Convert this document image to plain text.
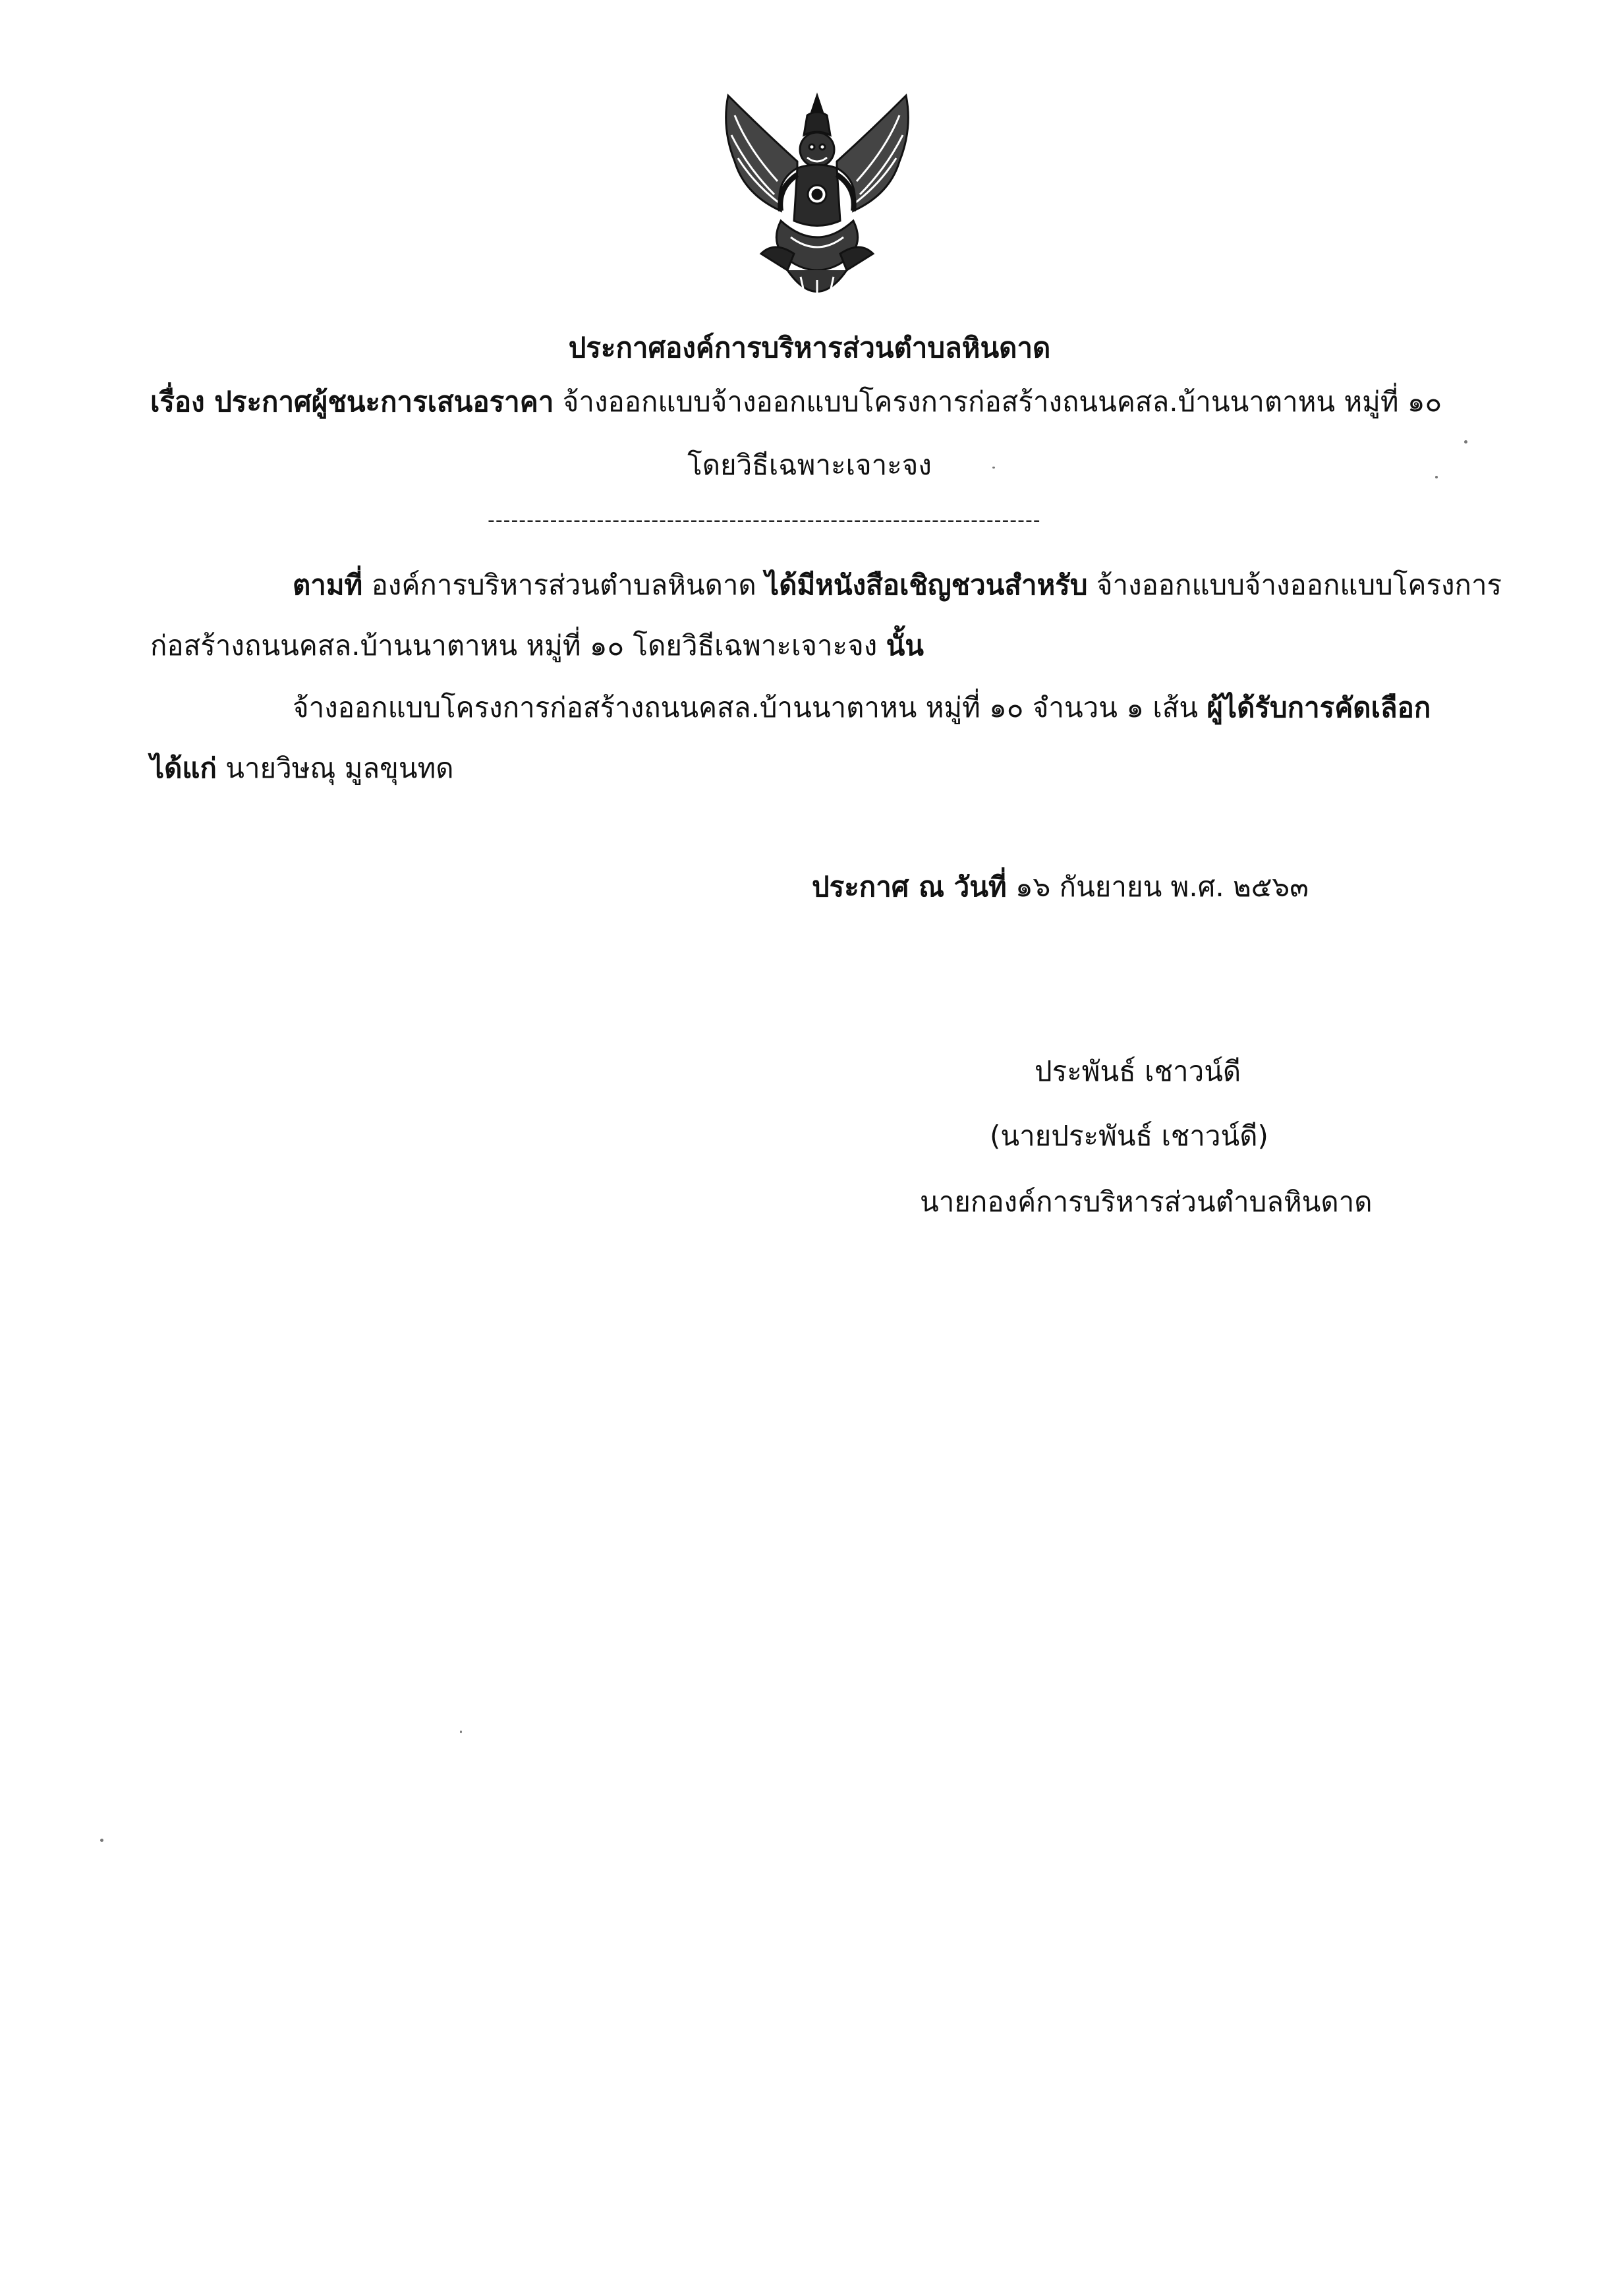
ประกาศองค์การบริหารส่วนตำบลหินดาด
เรื่อง ประกาศผู้ชนะการเสนอราคา จ้างออกแบบจ้างออกแบบโครงการก่อสร้างถนนคสล.บ้านนาตาหน หมู่ที่ ๑๐
โดยวิธีเฉพาะเจาะจง
-----------------------------------------------------------------------
ตามที่ องค์การบริหารส่วนตำบลหินดาด ได้มีหนังสือเชิญชวนสำหรับ จ้างออกแบบจ้างออกแบบโครงการ
ก่อสร้างถนนคสล.บ้านนาตาหน หมู่ที่ ๑๐ โดยวิธีเฉพาะเจาะจง นั้น
จ้างออกแบบโครงการก่อสร้างถนนคสล.บ้านนาตาหน หมู่ที่ ๑๐ จำนวน ๑ เส้น ผู้ได้รับการคัดเลือก
ได้แก่ นายวิษณุ มูลขุนทด
ประกาศ ณ วันที่ ๑๖ กันยายน พ.ศ. ๒๕๖๓
ประพันธ์ เชาวน์ดี
(นายประพันธ์ เชาวน์ดี)
นายกองค์การบริหารส่วนตำบลหินดาด
